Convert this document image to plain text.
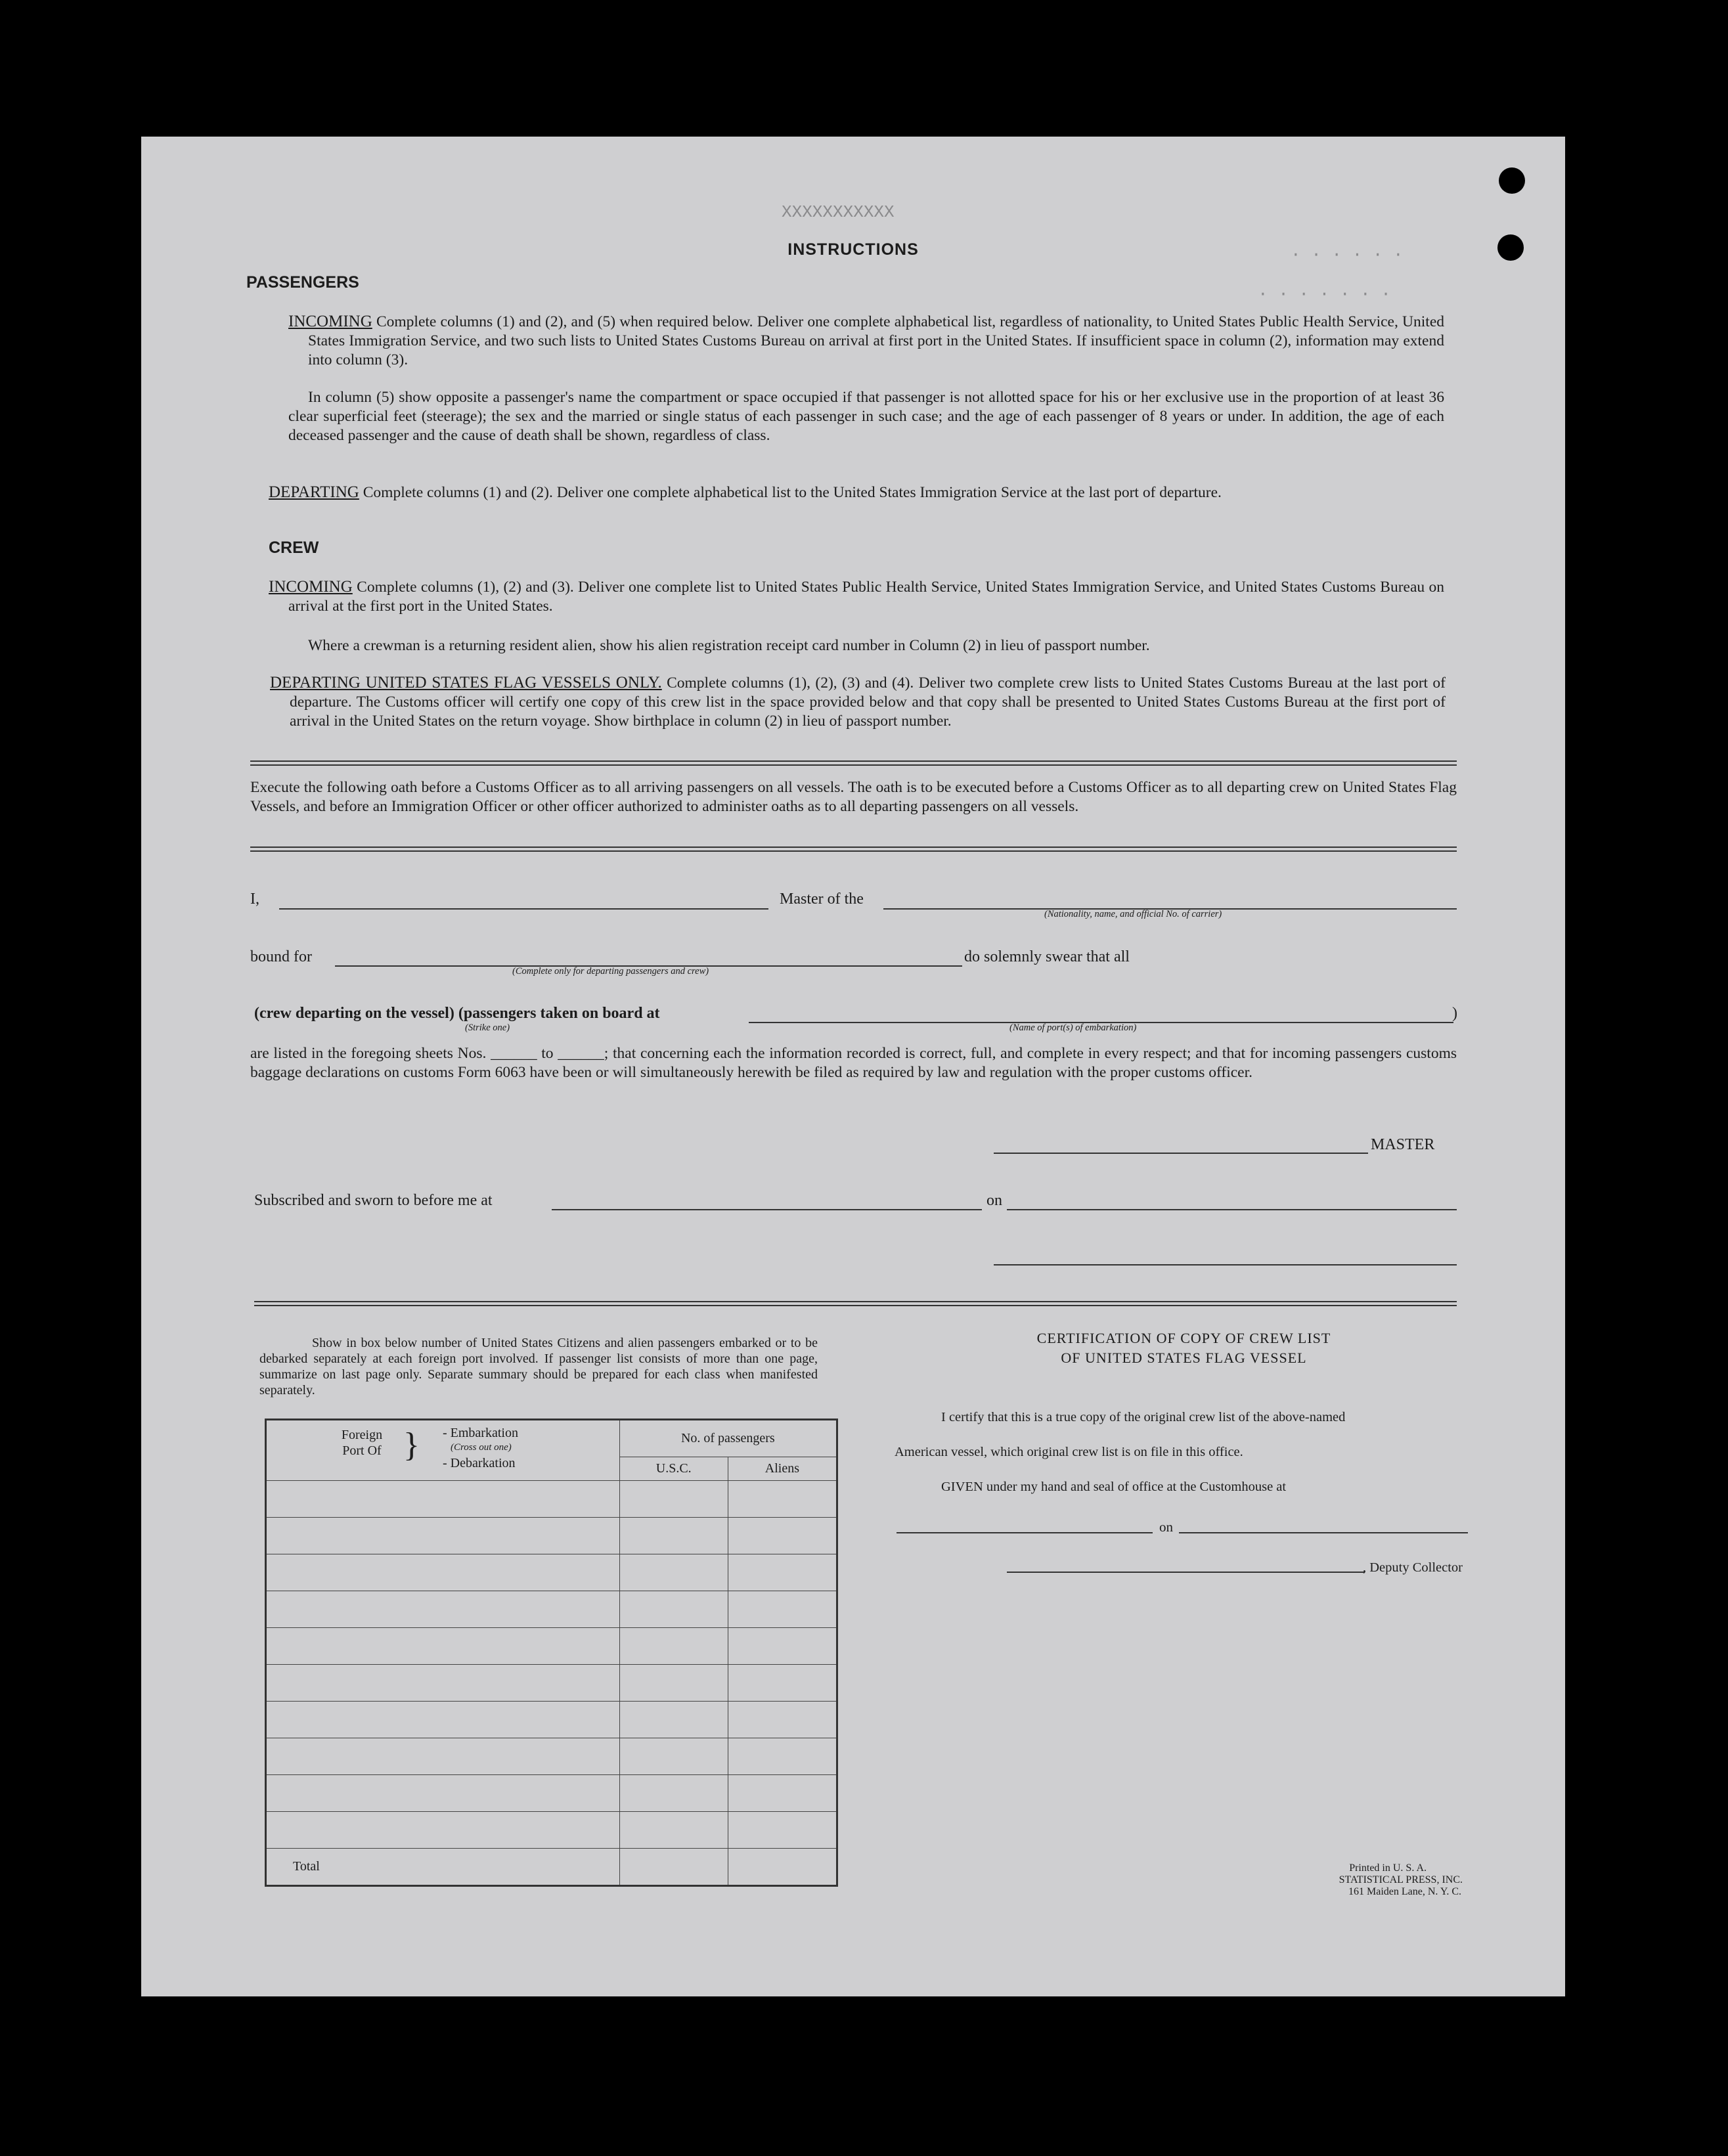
XXXXXXXXXXX
· · · · · ·
· · · · · · ·
INSTRUCTIONS
PASSENGERS
INCOMING Complete columns (1) and (2), and (5) when required below. Deliver one complete alphabetical list, regardless of nationality, to United States Public Health Service, United States Immigration Service, and two such lists to United States Customs Bureau on arrival at first port in the United States. If insufficient space in column (2), information may extend into column (3).
In column (5) show opposite a passenger's name the compartment or space occupied if that passenger is not allotted space for his or her exclusive use in the proportion of at least 36 clear superficial feet (steerage); the sex and the married or single status of each passenger in such case; and the age of each passenger of 8 years or under. In addition, the age of each deceased passenger and the cause of death shall be shown, regardless of class.
DEPARTING Complete columns (1) and (2). Deliver one complete alphabetical list to the United States Immigration Service at the last port of departure.
CREW
INCOMING Complete columns (1), (2) and (3). Deliver one complete list to United States Public Health Service, United States Immigration Service, and United States Customs Bureau on arrival at the first port in the United States.
Where a crewman is a returning resident alien, show his alien registration receipt card number in Column (2) in lieu of passport number.
DEPARTING UNITED STATES FLAG VESSELS ONLY. Complete columns (1), (2), (3) and (4). Deliver two complete crew lists to United States Customs Bureau at the last port of departure. The Customs officer will certify one copy of this crew list in the space provided below and that copy shall be presented to United States Customs Bureau at the first port of arrival in the United States on the return voyage. Show birthplace in column (2) in lieu of passport number.
Execute the following oath before a Customs Officer as to all arriving passengers on all vessels. The oath is to be executed before a Customs Officer as to all departing crew on United States Flag Vessels, and before an Immigration Officer or other officer authorized to administer oaths as to all departing passengers on all vessels.
I,	Master of the
(Nationality, name, and official No. of carrier)
bound for
(Complete only for departing passengers and crew)
do solemnly swear that all
(crew departing on the vessel) (passengers taken on board at
(Strike one)	(Name of port(s) of embarkation)
)
are listed in the foregoing sheets Nos. ______ to ______; that concerning each the information recorded is correct, full, and complete in every respect; and that for incoming passengers customs baggage declarations on customs Form 6063 have been or will simultaneously herewith be filed as required by law and regulation with the proper customs officer.
MASTER
Subscribed and sworn to before me at	on
Show in box below number of United States Citizens and alien passengers embarked or to be debarked separately at each foreign port involved. If passenger list consists of more than one page, summarize on last page only. Separate summary should be prepared for each class when manifested separately.
Foreign Port Of } - Embarkation
(Cross out one)
- Debarkation	No. of passengers	
	U.S.C.	Aliens

Total		
CERTIFICATION OF COPY OF CREW LIST
OF UNITED STATES FLAG VESSEL
I certify that this is a true copy of the original crew list of the above-named
American vessel, which original crew list is on file in this office.
GIVEN under my hand and seal of office at the Customhouse at
on
, Deputy Collector
Printed in U. S. A.
STATISTICAL PRESS, INC.
161 Maiden Lane, N. Y. C.
